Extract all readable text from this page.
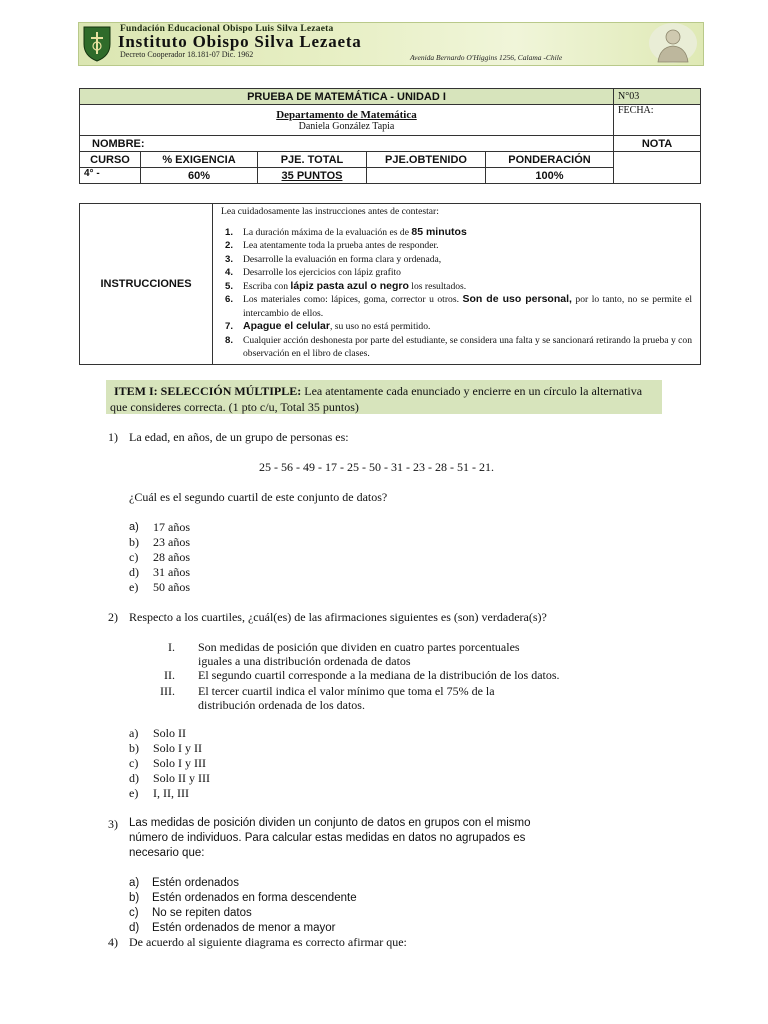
Fundación Educacional Obispo Luis Silva Lezaeta
Instituto Obispo Silva Lezaeta
Decreto Cooperador 18.181-07 Dic. 1962	Avenida Bernardo O'Higgins 1256, Calama -Chile
PRUEBA DE MATEMÁTICA - UNIDAD I					N°03

Departamento de Matemática
Daniela González Tapia					FECHA:
NOMBRE:					NOTA
CURSO	% EXIGENCIA	PJE. TOTAL	PJE.OBTENIDO	PONDERACIÓN	
4° -	60%	35 PUNTOS		100%	
INSTRUCCIONES	
Lea cuidadosamente las instrucciones antes de contestar:
1. La duración máxima de la evaluación es de 85 minutos
2. Lea atentamente toda la prueba antes de responder.
3. Desarrolle la evaluación en forma clara y ordenada,
4. Desarrolle los ejercicios con lápiz grafito
5. Escriba con lápiz pasta azul o negro los resultados.
6. Los materiales como: lápices, goma, corrector u otros. Son de uso personal, por lo tanto, no se permite el intercambio de ellos.
7. Apague el celular, su uso no está permitido.
8. Cualquier acción deshonesta por parte del estudiante, se considera una falta y se sancionará retirando la prueba y con observación en el libro de clases.
ITEM I: SELECCIÓN MÚLTIPLE: Lea atentamente cada enunciado y encierre en un círculo la alternativa que consideres correcta. (1 pto c/u, Total 35 puntos)
1) La edad, en años, de un grupo de personas es:
25 - 56 - 49 - 17 - 25 - 50 - 31 - 23 - 28 - 51 - 21.
¿Cuál es el segundo cuartil de este conjunto de datos?
a) 17 años
b) 23 años
c) 28 años
d) 31 años
e) 50 años
2) Respecto a los cuartiles, ¿cuál(es) de las afirmaciones siguientes es (son) verdadera(s)?
I. Son medidas de posición que dividen en cuatro partes porcentuales
iguales a una distribución ordenada de datos
II. El segundo cuartil corresponde a la mediana de la distribución de los datos.
III. El tercer cuartil indica el valor mínimo que toma el 75% de la
distribución ordenada de los datos.
a) Solo II
b) Solo I y II
c) Solo I y III
d) Solo II y III
e) I, II, III
3) Las medidas de posición dividen un conjunto de datos en grupos con el mismo
número de individuos. Para calcular estas medidas en datos no agrupados es
necesario que:
a) Estén ordenados
b) Estén ordenados en forma descendente
c) No se repiten datos
d) Estén ordenados de menor a mayor
4) De acuerdo al siguiente diagrama es correcto afirmar que:
